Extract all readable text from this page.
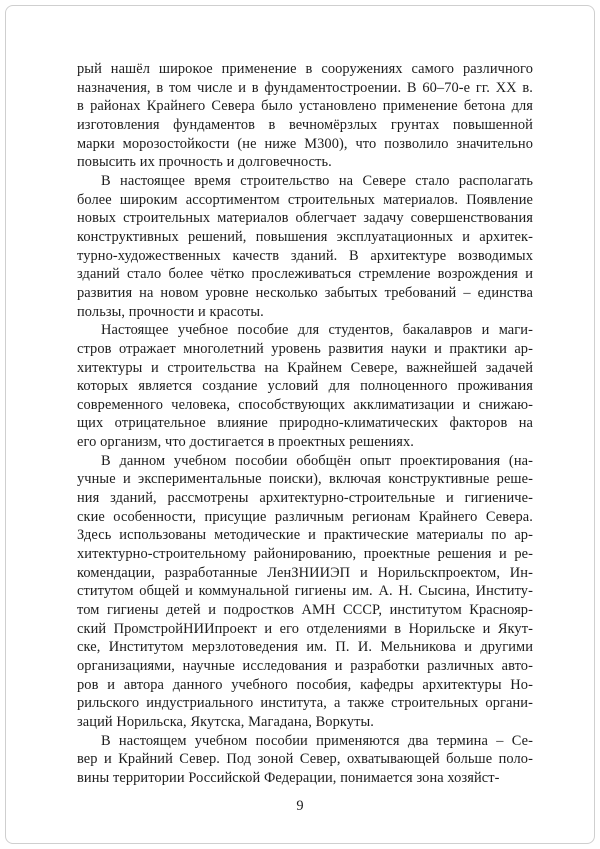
рый нашёл широкое применение в сооружениях самого различного
назначения, в том числе и в фундаментостроении. В 60–70-е гг. XX в.
в районах Крайнего Севера было установлено применение бетона для
изготовления фундаментов в вечномёрзлых грунтах повышенной
марки морозостойкости (не ниже М300), что позволило значительно
повысить их прочность и долговечность.
В настоящее время строительство на Севере стало располагать
более широким ассортиментом строительных материалов. Появление
новых строительных материалов облегчает задачу совершенствования
конструктивных решений, повышения эксплуатационных и архитек-
турно-художественных качеств зданий. В архитектуре возводимых
зданий стало более чётко прослеживаться стремление возрождения и
развития на новом уровне несколько забытых требований – единства
пользы, прочности и красоты.
Настоящее учебное пособие для студентов, бакалавров и маги-
стров отражает многолетний уровень развития науки и практики ар-
хитектуры и строительства на Крайнем Севере, важнейшей задачей
которых является создание условий для полноценного проживания
современного человека, способствующих акклиматизации и снижаю-
щих отрицательное влияние природно-климатических факторов на
его организм, что достигается в проектных решениях.
В данном учебном пособии обобщён опыт проектирования (на-
учные и экспериментальные поиски), включая конструктивные реше-
ния зданий, рассмотрены архитектурно-строительные и гигиениче-
ские особенности, присущие различным регионам Крайнего Севера.
Здесь использованы методические и практические материалы по ар-
хитектурно-строительному районированию, проектные решения и ре-
комендации, разработанные ЛенЗНИИЭП и Норильскпроектом, Ин-
ститутом общей и коммунальной гигиены им. А. Н. Сысина, Институ-
том гигиены детей и подростков АМН СССР, институтом Краснояр-
ский ПромстройНИИпроект и его отделениями в Норильске и Якут-
ске, Институтом мерзлотоведения им. П. И. Мельникова и другими
организациями, научные исследования и разработки различных авто-
ров и автора данного учебного пособия, кафедры архитектуры Но-
рильского индустриального института, а также строительных органи-
заций Норильска, Якутска, Магадана, Воркуты.
В настоящем учебном пособии применяются два термина – Се-
вер и Крайний Север. Под зоной Север, охватывающей больше поло-
вины территории Российской Федерации, понимается зона хозяйст-
9
